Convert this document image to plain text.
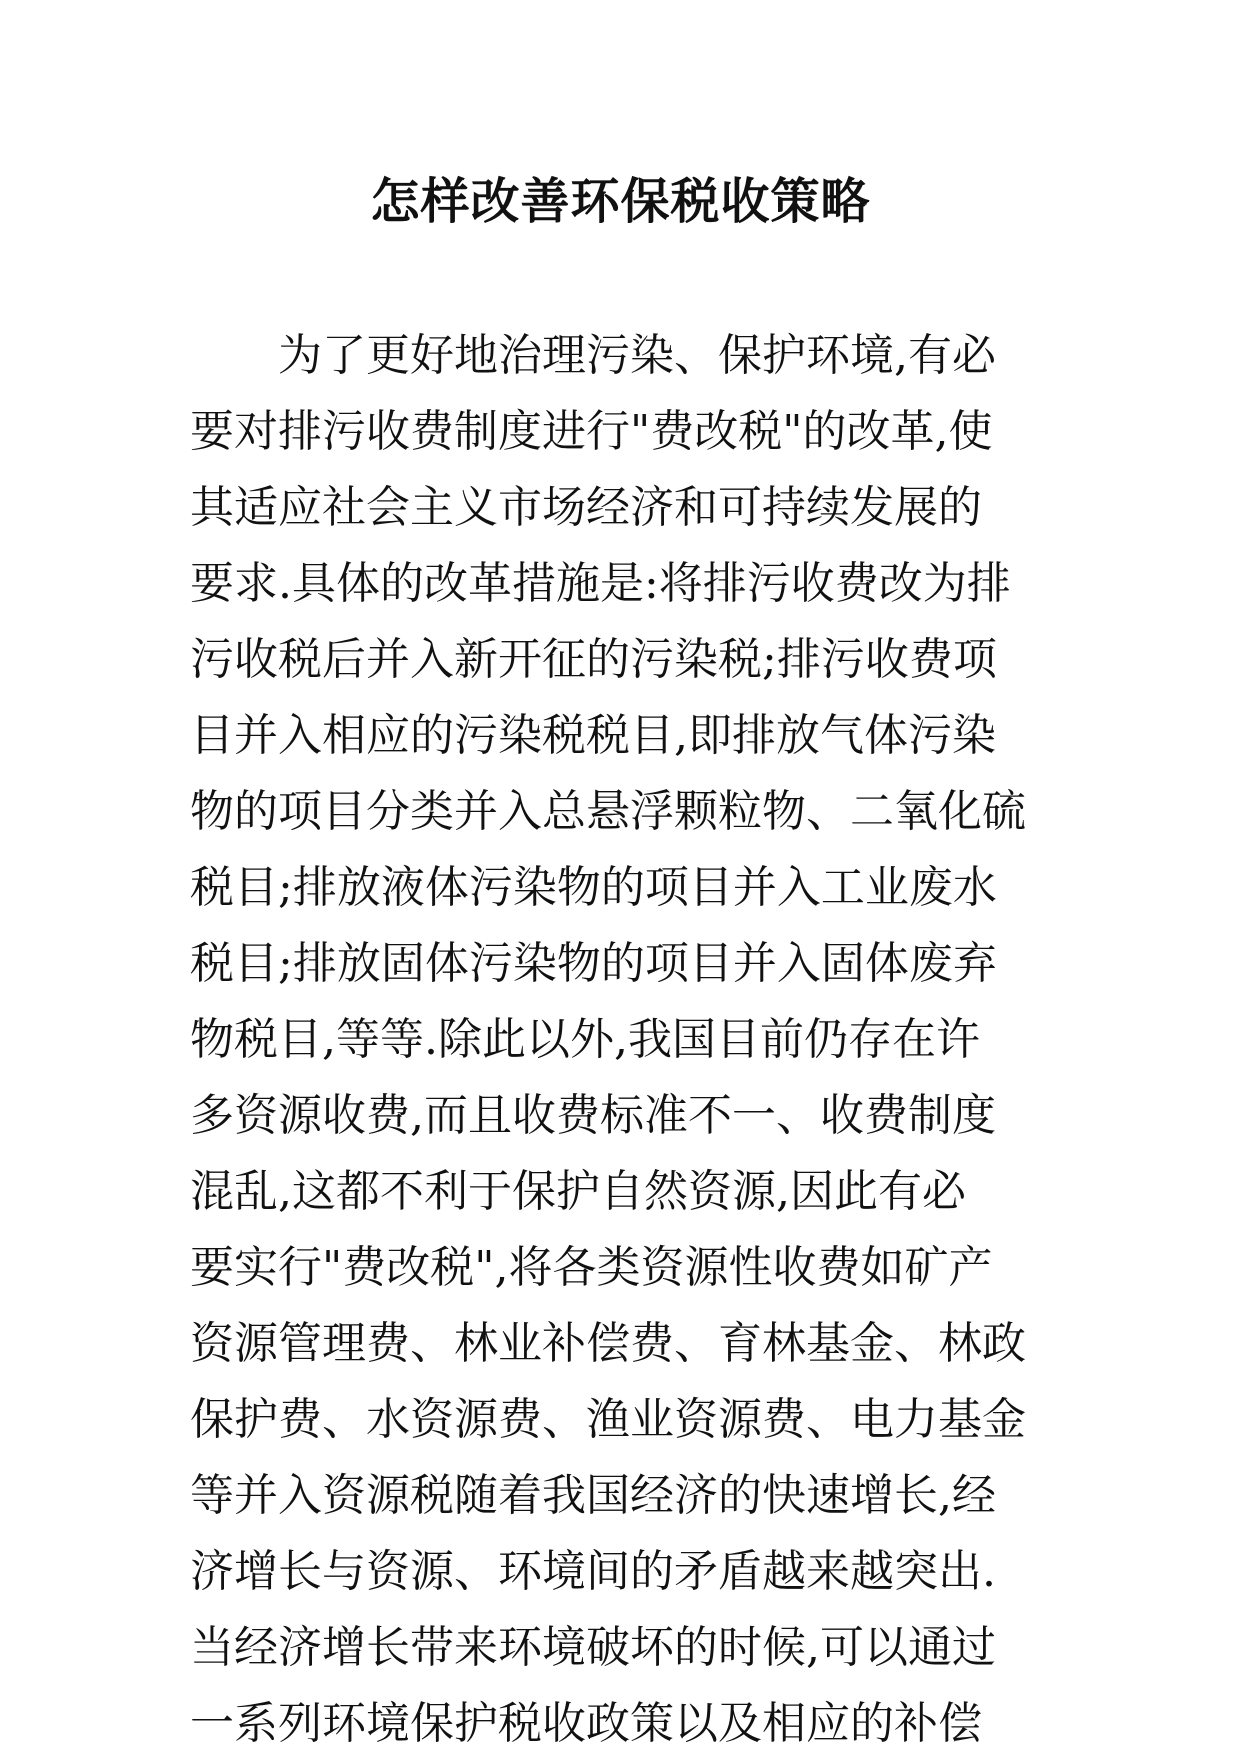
怎样改善环保税收策略
　　为了更好地治理污染、保护环境,有必
要对排污收费制度进行"费改税"的改革,使
其适应社会主义市场经济和可持续发展的
要求.具体的改革措施是:将排污收费改为排
污收税后并入新开征的污染税;排污收费项
目并入相应的污染税税目,即排放气体污染
物的项目分类并入总悬浮颗粒物、二氧化硫
税目;排放液体污染物的项目并入工业废水
税目;排放固体污染物的项目并入固体废弃
物税目,等等.除此以外,我国目前仍存在许
多资源收费,而且收费标准不一、收费制度
混乱,这都不利于保护自然资源,因此有必
要实行"费改税",将各类资源性收费如矿产
资源管理费、林业补偿费、育林基金、林政
保护费、水资源费、渔业资源费、电力基金
等并入资源税随着我国经济的快速增长,经
济增长与资源、环境间的矛盾越来越突出.
当经济增长带来环境破坏的时候,可以通过
一系列环境保护税收政策以及相应的补偿
